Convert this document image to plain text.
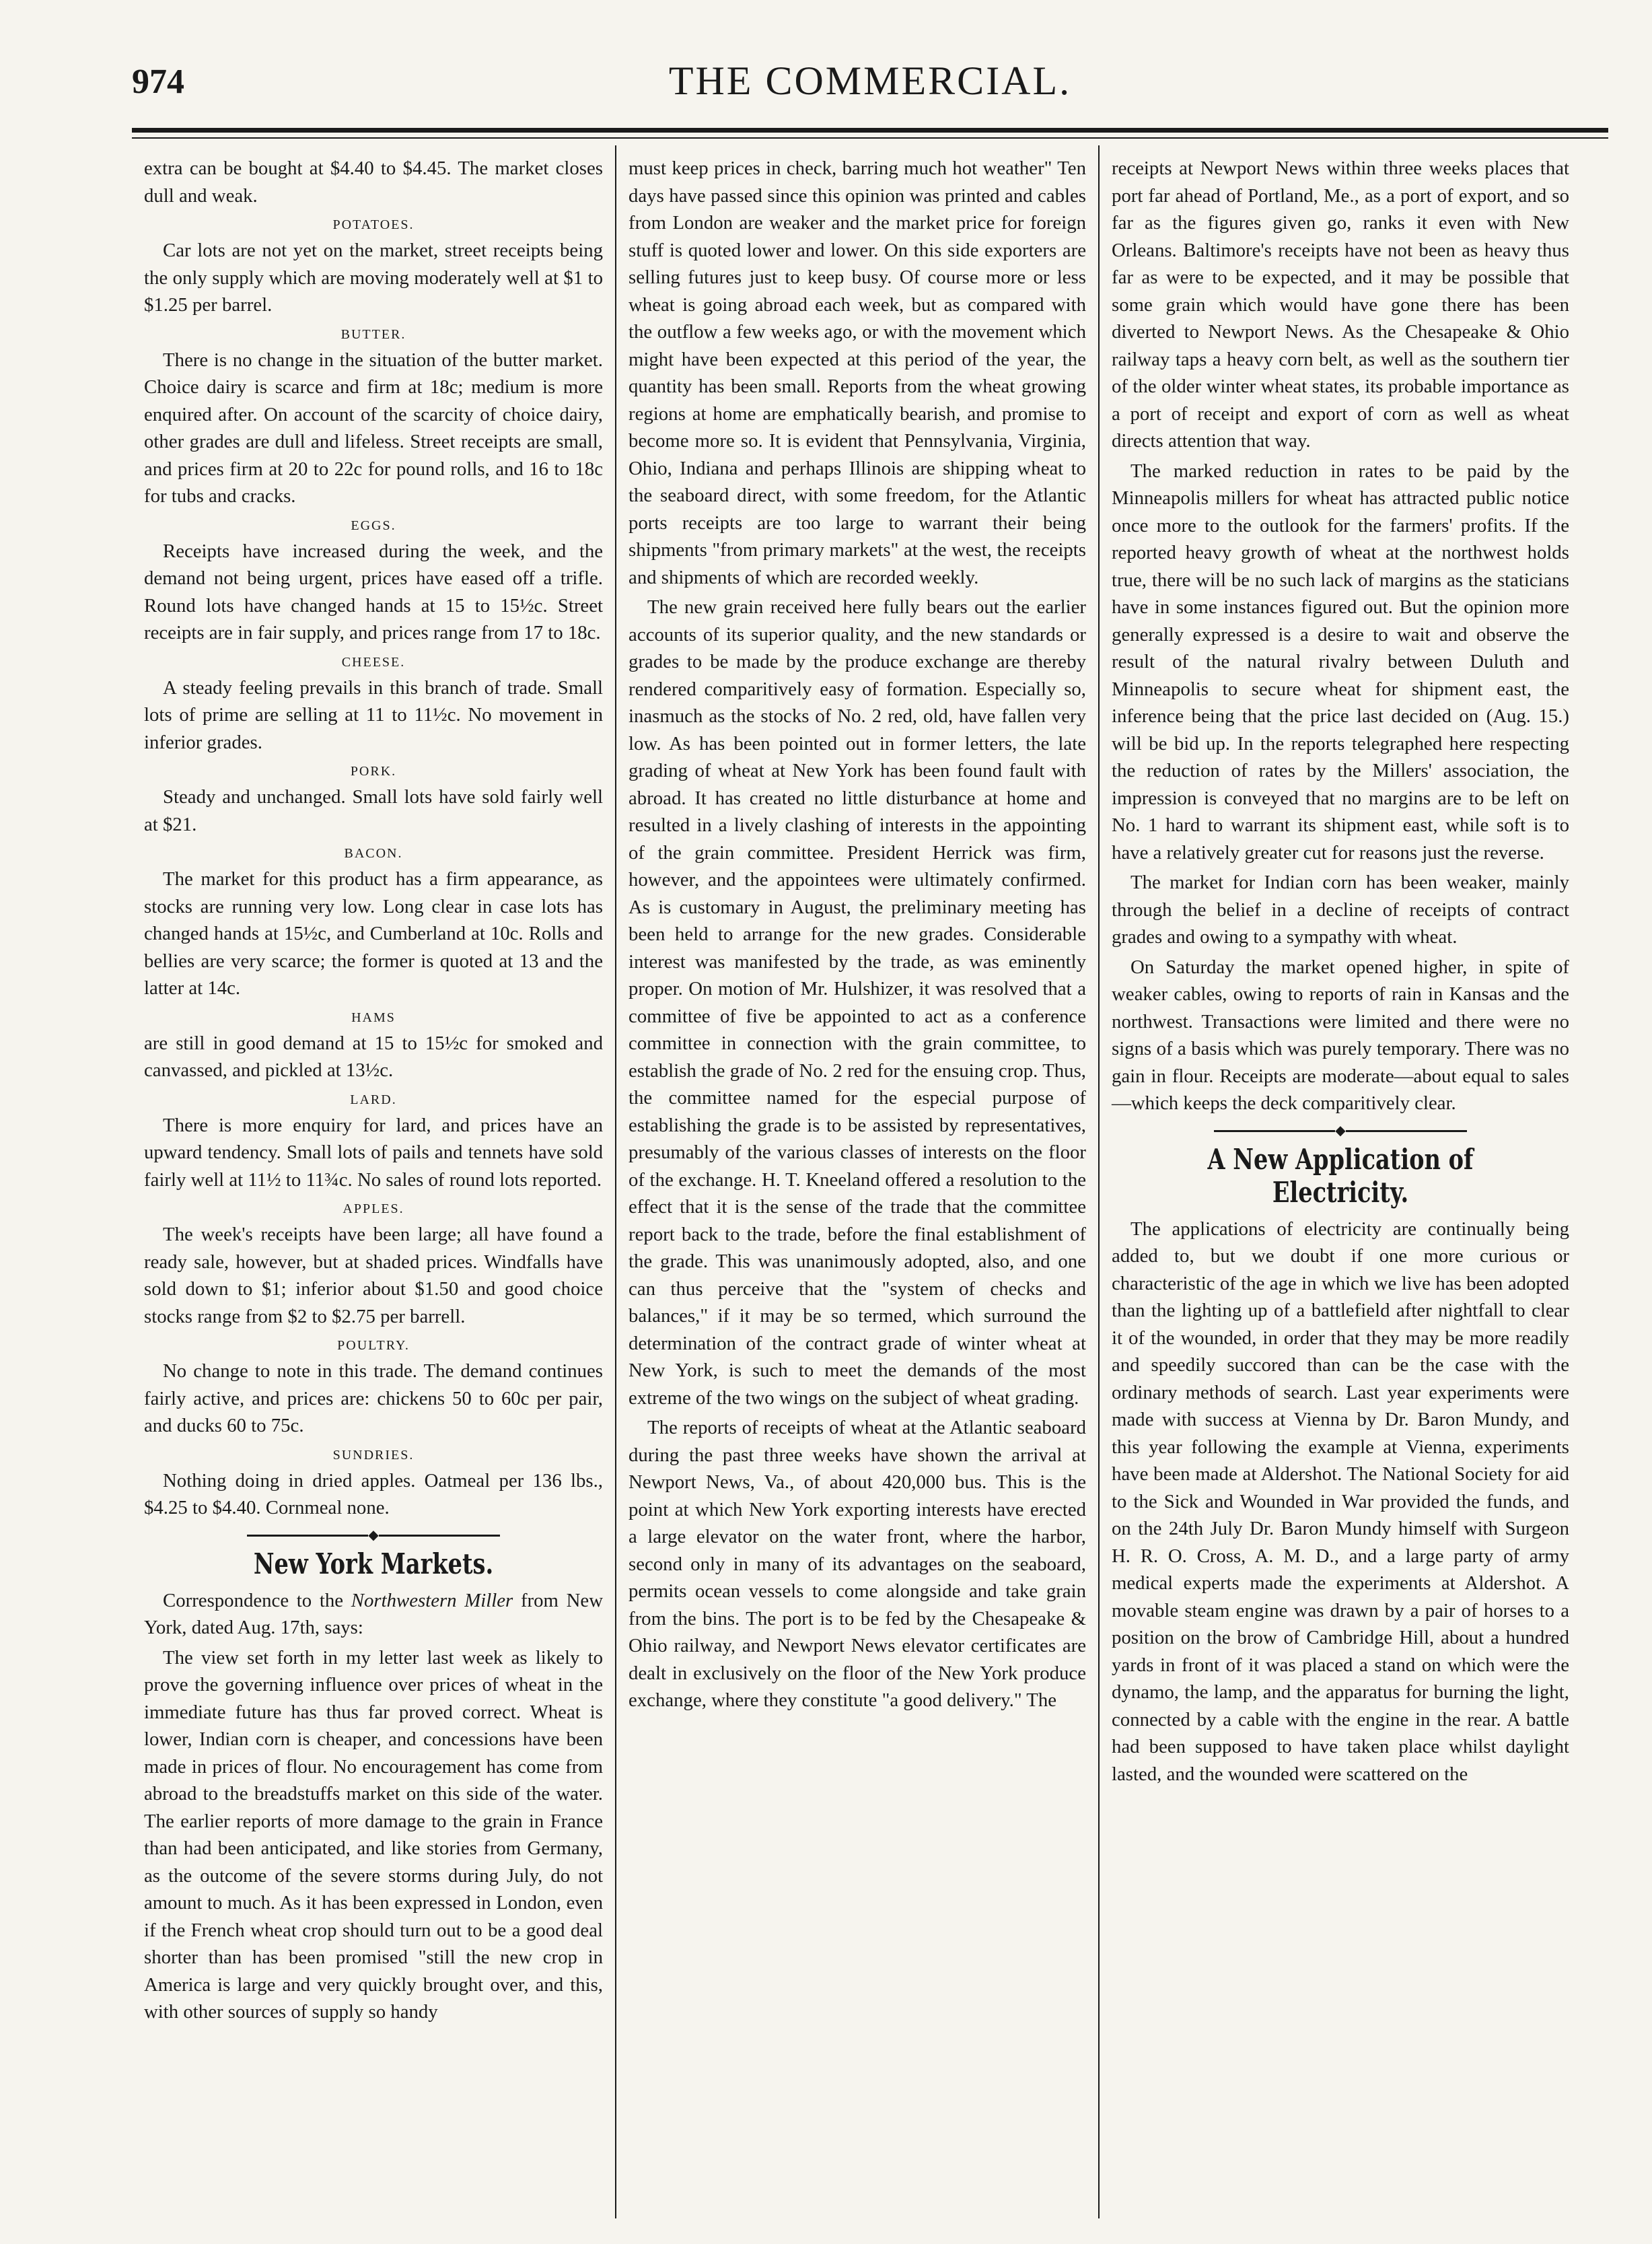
974	THE COMMERCIAL.

extra can be bought at $4.40 to $4.45. The market closes dull and weak.

POTATOES.

Car lots are not yet on the market, street receipts being the only supply which are moving moderately well at $1 to $1.25 per barrel.

BUTTER.

There is no change in the situation of the butter market. Choice dairy is scarce and firm at 18c; medium is more enquired after. On account of the scarcity of choice dairy, other grades are dull and lifeless. Street receipts are small, and prices firm at 20 to 22c for pound rolls, and 16 to 18c for tubs and cracks.

EGGS.

Receipts have increased during the week, and the demand not being urgent, prices have eased off a trifle. Round lots have changed hands at 15 to 15½c. Street receipts are in fair supply, and prices range from 17 to 18c.

CHEESE.

A steady feeling prevails in this branch of trade. Small lots of prime are selling at 11 to 11½c. No movement in inferior grades.

PORK.

Steady and unchanged. Small lots have sold fairly well at $21.

BACON.

The market for this product has a firm appearance, as stocks are running very low. Long clear in case lots has changed hands at 15½c, and Cumberland at 10c. Rolls and bellies are very scarce; the former is quoted at 13 and the latter at 14c.

HAMS

are still in good demand at 15 to 15½c for smoked and canvassed, and pickled at 13½c.

LARD.

There is more enquiry for lard, and prices have an upward tendency. Small lots of pails and tennets have sold fairly well at 11½ to 11¾c. No sales of round lots reported.

APPLES.

The week's receipts have been large; all have found a ready sale, however, but at shaded prices. Windfalls have sold down to $1; inferior about $1.50 and good choice stocks range from $2 to $2.75 per barrell.

POULTRY.

No change to note in this trade. The demand continues fairly active, and prices are: chickens 50 to 60c per pair, and ducks 60 to 75c.

SUNDRIES.

Nothing doing in dried apples. Oatmeal per 136 lbs., $4.25 to $4.40. Cornmeal none.

◆
New York Markets.

Correspondence to the Northwestern Miller from New York, dated Aug. 17th, says:

The view set forth in my letter last week as likely to prove the governing influence over prices of wheat in the immediate future has thus far proved correct. Wheat is lower, Indian corn is cheaper, and concessions have been made in prices of flour. No encouragement has come from abroad to the breadstuffs market on this side of the water. The earlier reports of more damage to the grain in France than had been anticipated, and like stories from Germany, as the outcome of the severe storms during July, do not amount to much. As it has been expressed in London, even if the French wheat crop should turn out to be a good deal shorter than has been promised "still the new crop in America is large and very quickly brought over, and this, with other sources of supply so handy

must keep prices in check, barring much hot weather" Ten days have passed since this opinion was printed and cables from London are weaker and the market price for foreign stuff is quoted lower and lower. On this side exporters are selling futures just to keep busy. Of course more or less wheat is going abroad each week, but as compared with the outflow a few weeks ago, or with the movement which might have been expected at this period of the year, the quantity has been small. Reports from the wheat growing regions at home are emphatically bearish, and promise to become more so. It is evident that Pennsylvania, Virginia, Ohio, Indiana and perhaps Illinois are shipping wheat to the seaboard direct, with some freedom, for the Atlantic ports receipts are too large to warrant their being shipments "from primary markets" at the west, the receipts and shipments of which are recorded weekly.

The new grain received here fully bears out the earlier accounts of its superior quality, and the new standards or grades to be made by the produce exchange are thereby rendered comparitively easy of formation. Especially so, inasmuch as the stocks of No. 2 red, old, have fallen very low. As has been pointed out in former letters, the late grading of wheat at New York has been found fault with abroad. It has created no little disturbance at home and resulted in a lively clashing of interests in the appointing of the grain committee. President Herrick was firm, however, and the appointees were ultimately confirmed. As is customary in August, the preliminary meeting has been held to arrange for the new grades. Considerable interest was manifested by the trade, as was eminently proper. On motion of Mr. Hulshizer, it was resolved that a committee of five be appointed to act as a conference committee in connection with the grain committee, to establish the grade of No. 2 red for the ensuing crop. Thus, the committee named for the especial purpose of establishing the grade is to be assisted by representatives, presumably of the various classes of interests on the floor of the exchange. H. T. Kneeland offered a resolution to the effect that it is the sense of the trade that the committee report back to the trade, before the final establishment of the grade. This was unanimously adopted, also, and one can thus perceive that the "system of checks and balances," if it may be so termed, which surround the determination of the contract grade of winter wheat at New York, is such to meet the demands of the most extreme of the two wings on the subject of wheat grading.

The reports of receipts of wheat at the Atlantic seaboard during the past three weeks have shown the arrival at Newport News, Va., of about 420,000 bus. This is the point at which New York exporting interests have erected a large elevator on the water front, where the harbor, second only in many of its advantages on the seaboard, permits ocean vessels to come alongside and take grain from the bins. The port is to be fed by the Chesapeake & Ohio railway, and Newport News elevator certificates are dealt in exclusively on the floor of the New York produce exchange, where they constitute "a good delivery." The

receipts at Newport News within three weeks places that port far ahead of Portland, Me., as a port of export, and so far as the figures given go, ranks it even with New Orleans. Baltimore's receipts have not been as heavy thus far as were to be expected, and it may be possible that some grain which would have gone there has been diverted to Newport News. As the Chesapeake & Ohio railway taps a heavy corn belt, as well as the southern tier of the older winter wheat states, its probable importance as a port of receipt and export of corn as well as wheat directs attention that way.

The marked reduction in rates to be paid by the Minneapolis millers for wheat has attracted public notice once more to the outlook for the farmers' profits. If the reported heavy growth of wheat at the northwest holds true, there will be no such lack of margins as the staticians have in some instances figured out. But the opinion more generally expressed is a desire to wait and observe the result of the natural rivalry between Duluth and Minneapolis to secure wheat for shipment east, the inference being that the price last decided on (Aug. 15.) will be bid up. In the reports telegraphed here respecting the reduction of rates by the Millers' association, the impression is conveyed that no margins are to be left on No. 1 hard to warrant its shipment east, while soft is to have a relatively greater cut for reasons just the reverse.

The market for Indian corn has been weaker, mainly through the belief in a decline of receipts of contract grades and owing to a sympathy with wheat.

On Saturday the market opened higher, in spite of weaker cables, owing to reports of rain in Kansas and the northwest. Transactions were limited and there were no signs of a basis which was purely temporary. There was no gain in flour. Receipts are moderate—about equal to sales—which keeps the deck comparitively clear.

◆
A New Application of Electricity.

The applications of electricity are continually being added to, but we doubt if one more curious or characteristic of the age in which we live has been adopted than the lighting up of a battlefield after nightfall to clear it of the wounded, in order that they may be more readily and speedily succored than can be the case with the ordinary methods of search. Last year experiments were made with success at Vienna by Dr. Baron Mundy, and this year following the example at Vienna, experiments have been made at Aldershot. The National Society for aid to the Sick and Wounded in War provided the funds, and on the 24th July Dr. Baron Mundy himself with Surgeon H. R. O. Cross, A. M. D., and a large party of army medical experts made the experiments at Aldershot. A movable steam engine was drawn by a pair of horses to a position on the brow of Cambridge Hill, about a hundred yards in front of it was placed a stand on which were the dynamo, the lamp, and the apparatus for burning the light, connected by a cable with the engine in the rear. A battle had been supposed to have taken place whilst daylight lasted, and the wounded were scattered on the
